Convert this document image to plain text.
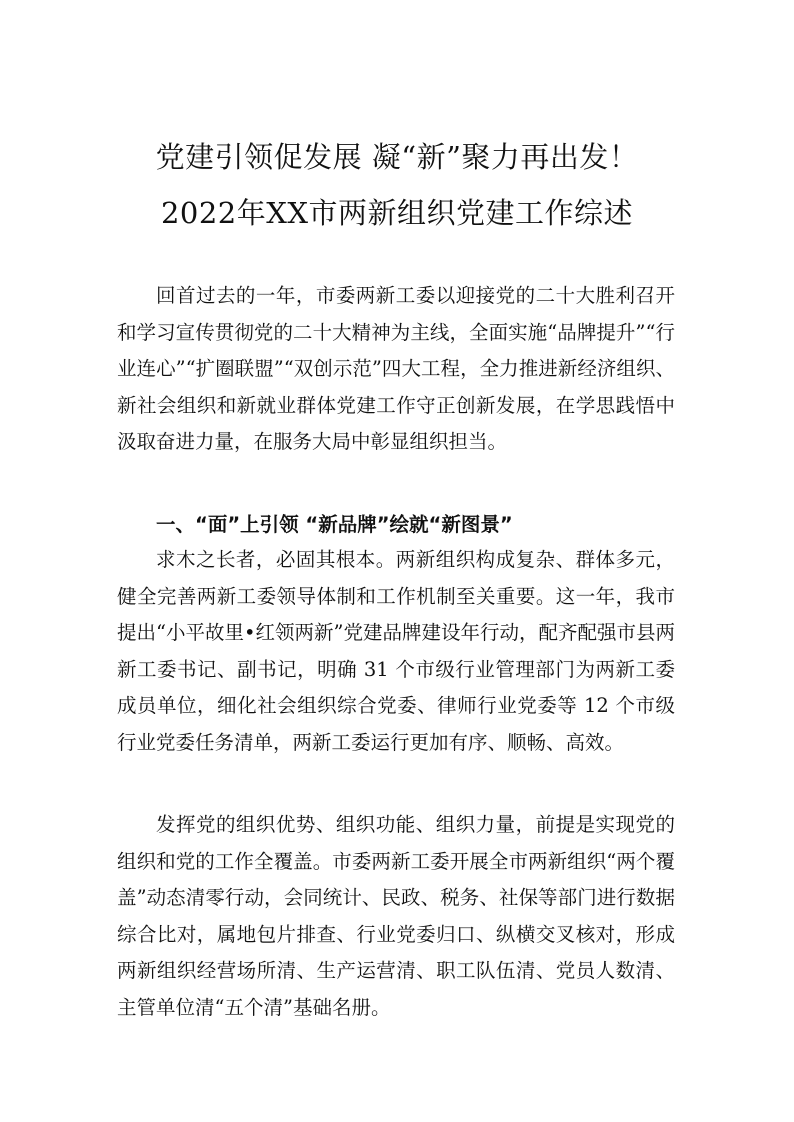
党建引领促发展 凝“新”聚力再出发！
2022年XX市两新组织党建工作综述

回首过去的一年，市委两新工委以迎接党的二十大胜利召开和学习宣传贯彻党的二十大精神为主线，全面实施“品牌提升”“行业连心”“扩圈联盟”“双创示范”四大工程，全力推进新经济组织、新社会组织和新就业群体党建工作守正创新发展，在学思践悟中汲取奋进力量，在服务大局中彰显组织担当。

一、“面”上引领 “新品牌”绘就“新图景”

求木之长者，必固其根本。两新组织构成复杂、群体多元，健全完善两新工委领导体制和工作机制至关重要。这一年，我市提出“小平故里•红领两新”党建品牌建设年行动，配齐配强市县两新工委书记、副书记，明确 31 个市级行业管理部门为两新工委成员单位，细化社会组织综合党委、律师行业党委等 12 个市级行业党委任务清单，两新工委运行更加有序、顺畅、高效。

发挥党的组织优势、组织功能、组织力量，前提是实现党的组织和党的工作全覆盖。市委两新工委开展全市两新组织“两个覆盖”动态清零行动，会同统计、民政、税务、社保等部门进行数据综合比对，属地包片排查、行业党委归口、纵横交叉核对，形成两新组织经营场所清、生产运营清、职工队伍清、党员人数清、主管单位清“五个清”基础名册。
